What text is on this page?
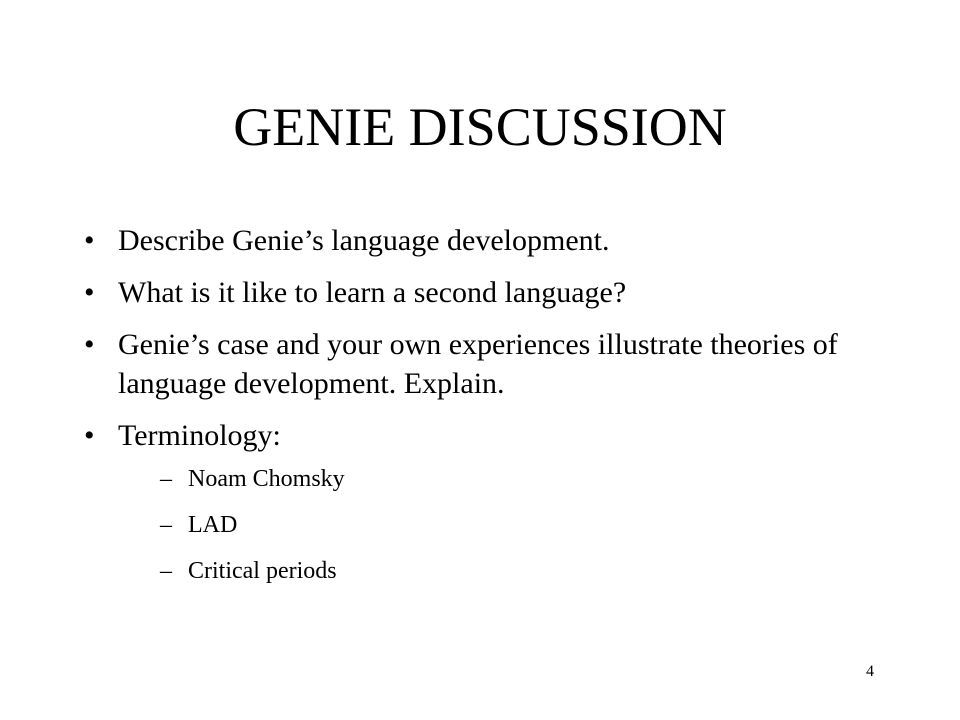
GENIE DISCUSSION
• Describe Genie’s language development.
• What is it like to learn a second language?
• Genie’s case and your own experiences illustrate theories of language development. Explain.
• Terminology:
– Noam Chomsky
– LAD
– Critical periods
4
